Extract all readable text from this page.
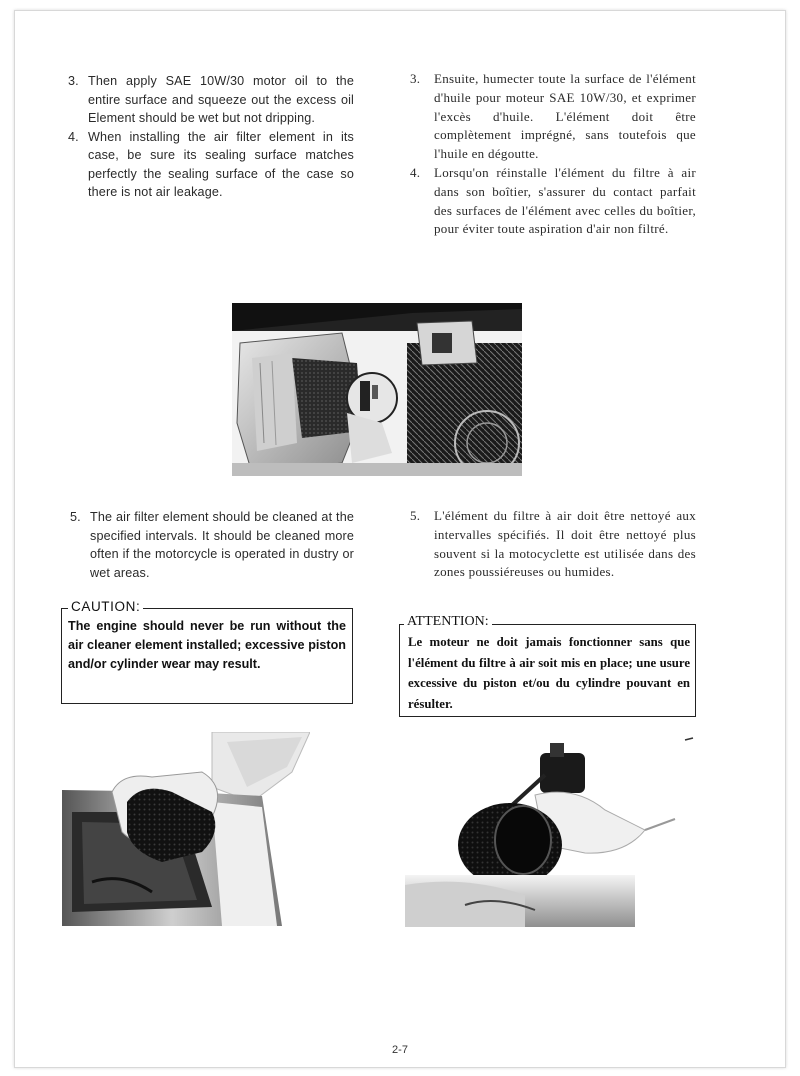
3. Then apply SAE 10W/30 motor oil to the entire surface and squeeze out the excess oil Element should be wet but not dripping.
4. When installing the air filter element in its case, be sure its sealing surface matches perfectly the sealing surface of the case so there is not air leakage.
3.	Ensuite, humecter toute la surface de l'élément d'huile pour moteur SAE 10W/30, et exprimer l'excès d'huile. L'élément doit être complètement imprégné, sans toutefois que l'huile en dégoutte.
4.	Lorsqu'on réinstalle l'élément du filtre à air dans son boîtier, s'assurer du contact parfait des surfaces de l'élément avec celles du boîtier, pour éviter toute aspiration d'air non filtré.
5. The air filter element should be cleaned at the specified intervals. It should be cleaned more often if the motorcycle is operated in dustry or wet areas.
5.	L'élément du filtre à air doit être nettoyé aux intervalles spécifiés. Il doit être nettoyé plus souvent si la motocyclette est utilisée dans des zones poussiéreuses ou humides.
CAUTION:
The engine should never be run without the air cleaner element installed; excessive piston and/or cylinder wear may result.
ATTENTION:
Le moteur ne doit jamais fonctionner sans que l'élément du filtre à air soit mis en place; une usure excessive du piston et/ou du cylindre pouvant en résulter.
2-7
